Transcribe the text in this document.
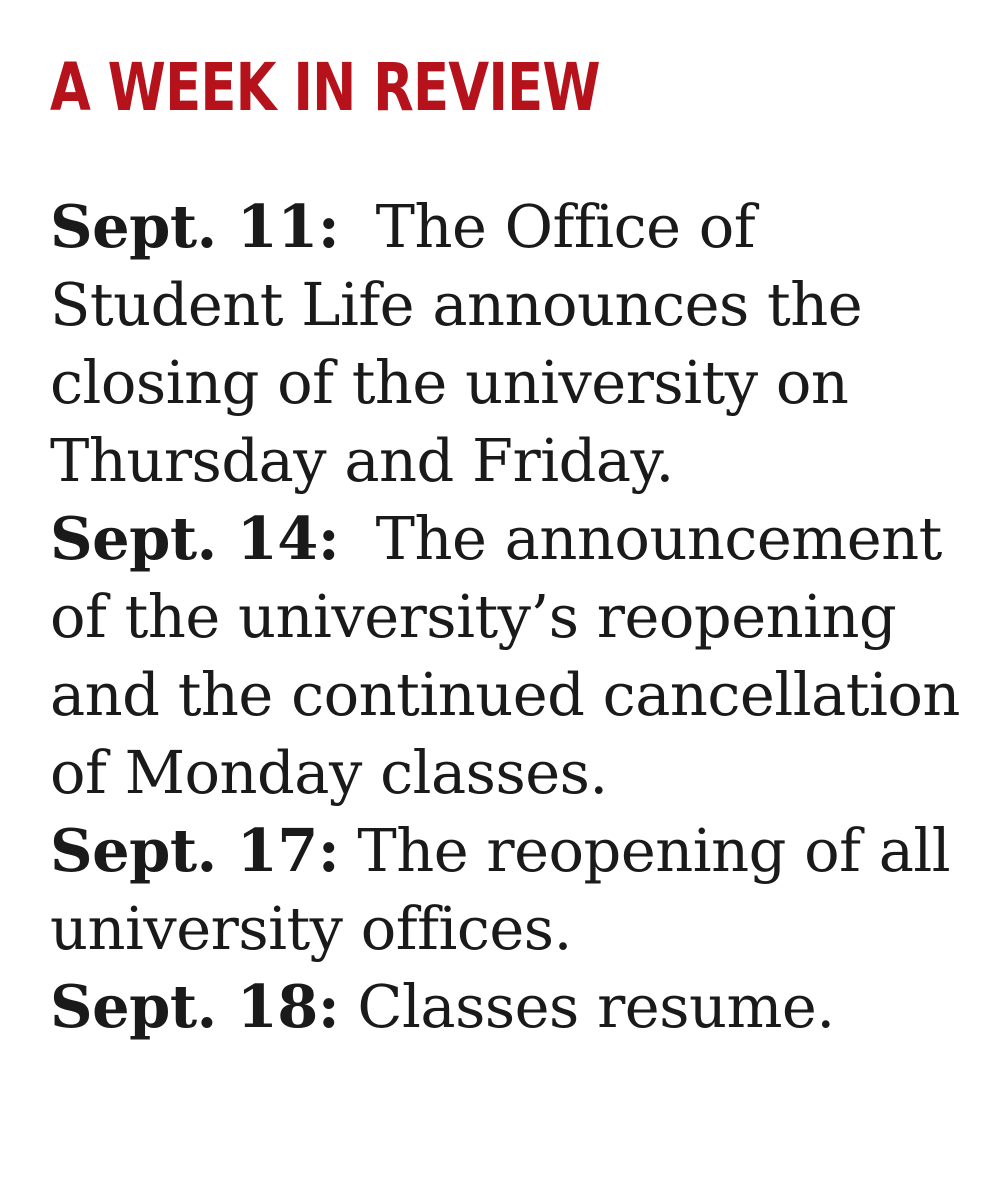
A WEEK IN REVIEW

Sept. 11: The Office of Student Life announces the closing of the university on Thursday and Friday.

Sept. 14: The announcement of the university’s reopening and the continued cancellation of Monday classes.

Sept. 17: The reopening of all university offices.

Sept. 18: Classes resume.
